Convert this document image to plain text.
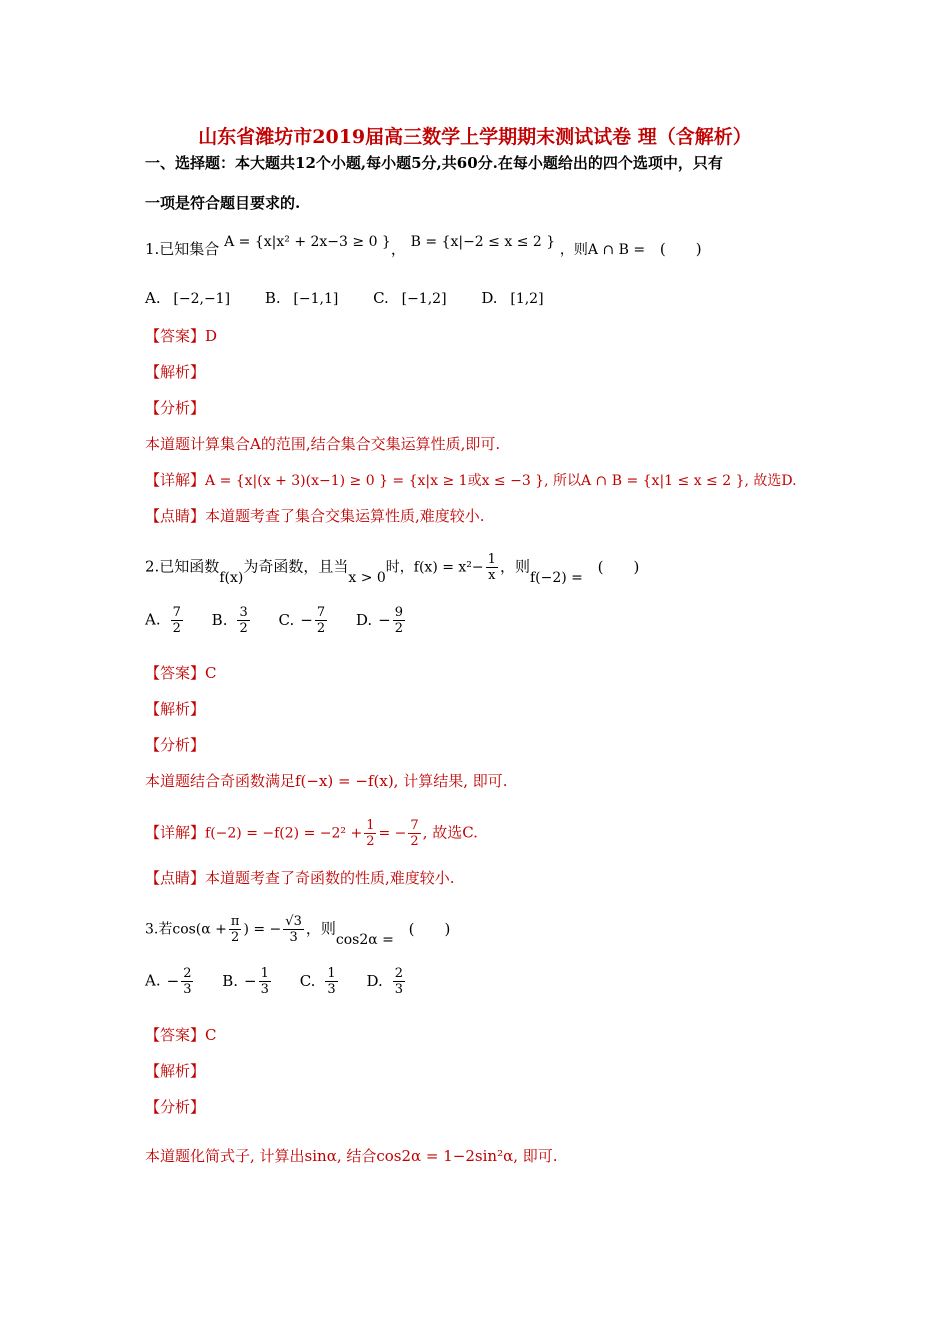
山东省潍坊市2019届高三数学上学期期末测试试卷 理（含解析）
一、选择题：本大题共12个小题,每小题5分,共60分.在每小题给出的四个选项中，只有
一项是符合题目要求的.
1.已知集合 A = {x|x² + 2x−3 ≥ 0 }， B = {x|−2 ≤ x ≤ 2 } ，则A ∩ B = (　　)
A. [−2,−1] B. [−1,1] C. [−1,2] D. [1,2]
【答案】D
【解析】
【分析】
本道题计算集合A的范围,结合集合交集运算性质,即可.
【详解】A = {x|(x + 3)(x−1) ≥ 0 } = {x|x ≥ 1或x ≤ −3 }, 所以A ∩ B = {x|1 ≤ x ≤ 2 }, 故选D.
【点睛】本道题考查了集合交集运算性质,难度较小.
2.已知函数f(x)为奇函数，且当x > 0时，$f(x) = x^2- \frac{1}{x}$ ，则f(−2) = (　　)
A. $\frac{7}{2} B$. $\frac{3}{2} C$. − $\frac{7}{2} D$. − $\frac{9}{2}$
【答案】C
【解析】
【分析】
本道题结合奇函数满足f(−x) = −f(x), 计算结果, 即可.
【详解】$f(-2) = -f(2) = -2^2 + \frac{1}{2}$ = − $\frac{7}{2}$ , 故选C.
【点睛】本道题考查了奇函数的性质,难度较小.
3.若$\cos(\alpha + \frac{\pi}{2}$ ) = − $\frac{√3}{3}$ ，则cos2α = (　　)
A. − $\frac{2}{3} B$. − $\frac{1}{3} C$. $\frac{1}{3} D$. $\frac{2}{3}$
【答案】C
【解析】
【分析】
本道题化简式子, 计算出sinα, 结合cos2α = 1−2sin²α, 即可.
